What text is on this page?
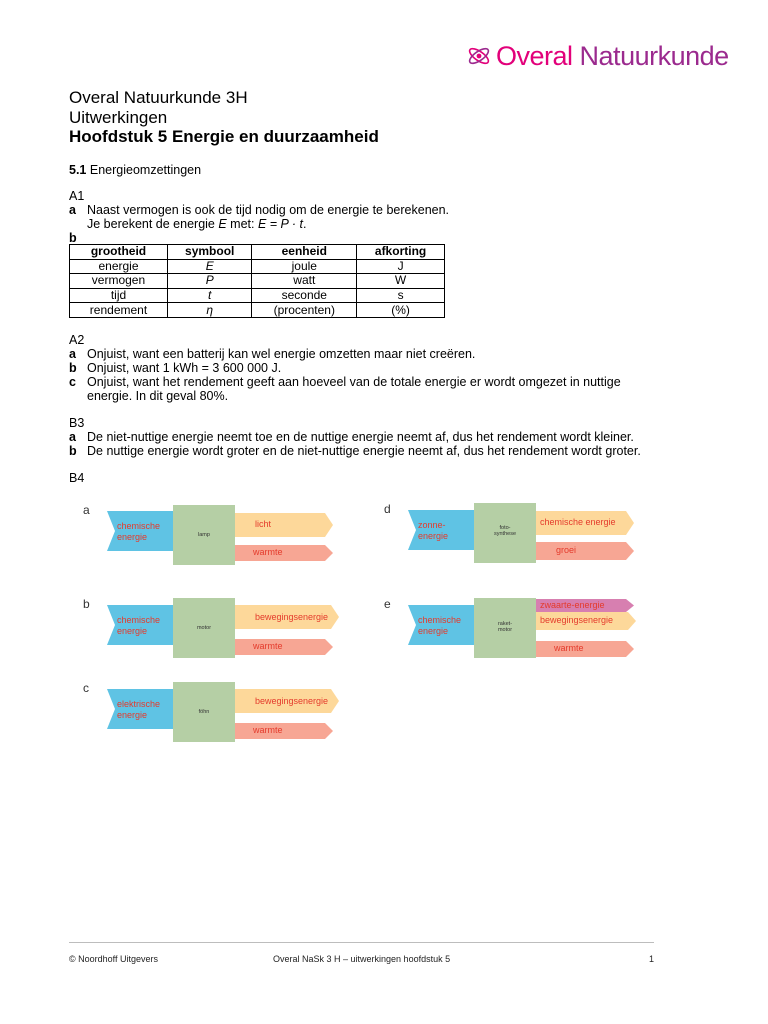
Overal Natuurkunde
Overal Natuurkunde 3H
Uitwerkingen
Hoofdstuk 5 Energie en duurzaamheid
5.1 Energieomzettingen
A1
a Naast vermogen is ook de tijd nodig om de energie te berekenen.
Je berekent de energie E met: E = P · t.
b
grootheid	symbool	eenheid	afkorting
energie	E	joule	J
vermogen	P	watt	W
tijd	t	seconde	s
rendement	η	(procenten)	(%)
A2
a Onjuist, want een batterij kan wel energie omzetten maar niet creëren.
b Onjuist, want 1 kWh = 3 600 000 J.
c Onjuist, want het rendement geeft aan hoeveel van de totale energie er wordt omgezet in nuttige
energie. In dit geval 80%.
B3
a De niet-nuttige energie neemt toe en de nuttige energie neemt af, dus het rendement wordt kleiner.
b De nuttige energie wordt groter en de niet-nuttige energie neemt af, dus het rendement wordt groter.
B4
a
chemische
energie	lamp
licht
warmte
b
chemische
energie	motor
bewegingsenergie
warmte
c
elektrische
energie	föhn
bewegingsenergie
warmte
d
zonne-
energie
foto-
synthese
chemische energie
groei
e
chemische
energie
raket-
motor
zwaarte-energie
bewegingsenergie
warmte
© Noordhoff Uitgevers	Overal NaSk 3 H – uitwerkingen hoofdstuk 5	1
